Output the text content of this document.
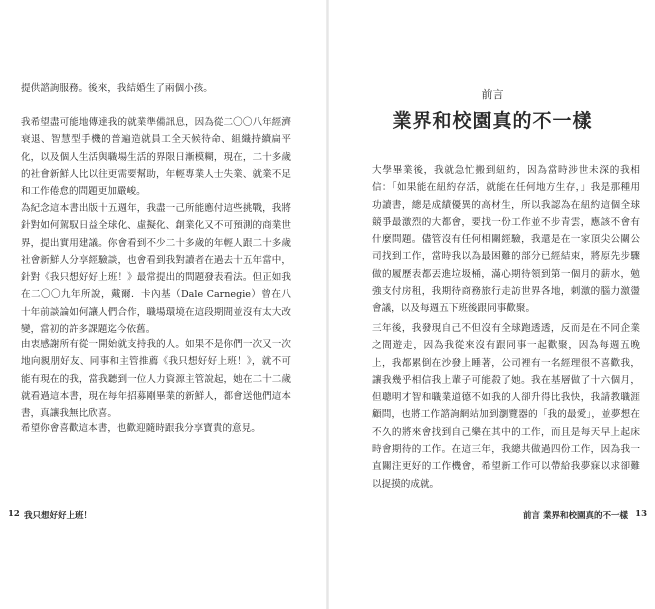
提供諮詢服務。後來，我結婚生了兩個小孩。

我希望盡可能地傳達我的就業準備訊息，因為從二〇〇八年經濟衰退、智慧型手機的普遍造就員工全天候待命、組織持續扁平化，以及個人生活與職場生活的界限日漸模糊，現在，二十多歲的社會新鮮人比以往更需要幫助，年輕專業人士失業、就業不足和工作倦怠的問題更加嚴峻。

為紀念這本書出版十五週年，我盡一己所能應付這些挑戰，我將針對如何駕馭日益全球化、虛擬化、創業化又不可預測的商業世界，提出實用建議。你會看到不少二十多歲的年輕人跟二十多歲社會新鮮人分享經驗談，也會看到我對讀者在過去十五年當中，針對《我只想好好上班！》最常提出的問題發表看法。但正如我在二〇〇九年所說，戴爾．卡內基（Dale Carnegie）曾在八十年前談論如何讓人們合作，職場環境在這段期間並沒有太大改變，當初的許多課題迄今依舊。

由衷感謝所有從一開始就支持我的人。如果不是你們一次又一次地向親朋好友、同事和主管推薦《我只想好好上班！》，就不可能有現在的我，當我聽到一位人力資源主管說起，她在二十二歲就看過這本書，現在每年招募剛畢業的新鮮人，都會送他們這本書，真讓我無比欣喜。

希望你會喜歡這本書，也歡迎隨時跟我分享寶貴的意見。

12 我只想好好上班！

前言

業界和校園真的不一樣

大學畢業後，我就急忙搬到紐約，因為當時涉世未深的我相信：「如果能在紐約存活，就能在任何地方生存，」我是那種用功讀書，總是成績優異的高材生，所以我認為在紐約這個全球競爭最激烈的大都會，要找一份工作並不步青雲，應該不會有什麼問題。儘管沒有任何相關經驗，我還是在一家頂尖公關公司找到工作，當時我以為最困難的部分已經結束，將原先步驟做的履歷表都丟進垃圾桶，滿心期待領到第一個月的薪水，勉強支付房租，我期待商務旅行走訪世界各地，刺激的腦力激盪會議，以及每週五下班後跟同事歡聚。

三年後，我發現自己不但沒有全球跑透透，反而是在不同企業之間遊走，因為我從來沒有跟同事一起歡聚，因為每週五晚上，我都累倒在沙發上睡著，公司裡有一名經理很不喜歡我，讓我幾乎相信我上輩子可能殺了她。我在基層做了十六個月，但聰明才智和職業道德不如我的人卻升得比我快，我請教職涯顧問，也將工作諮詢網站加到瀏覽器的「我的最愛」，並夢想在不久的將來會找到自己樂在其中的工作，而且是每天早上起床時會期待的工作。在這三年，我總共做過四份工作，因為我一直關注更好的工作機會，希望新工作可以帶給我夢寐以求卻難以捉摸的成就。

前言 業界和校園真的不一樣 13
